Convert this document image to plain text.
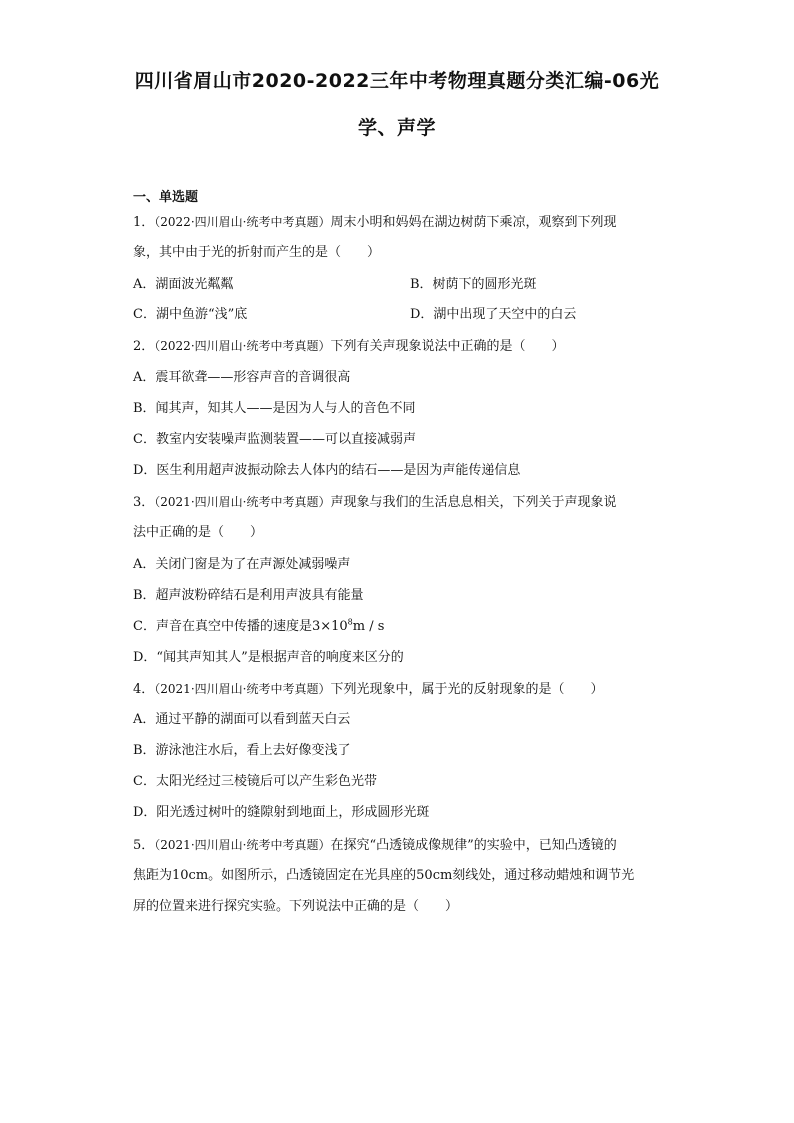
四川省眉山市2020-2022三年中考物理真题分类汇编-06光
学、声学
一、单选题
1．（2022·四川眉山·统考中考真题）周末小明和妈妈在湖边树荫下乘凉，观察到下列现
象，其中由于光的折射而产生的是（　　）
A．湖面波光粼粼	B．树荫下的圆形光斑
C．湖中鱼游“浅”底	D．湖中出现了天空中的白云
2．（2022·四川眉山·统考中考真题）下列有关声现象说法中正确的是（　　）
A．震耳欲聋——形容声音的音调很高
B．闻其声，知其人——是因为人与人的音色不同
C．教室内安装噪声监测装置——可以直接减弱声
D．医生利用超声波振动除去人体内的结石——是因为声能传递信息
3．（2021·四川眉山·统考中考真题）声现象与我们的生活息息相关，下列关于声现象说
法中正确的是（　　）
A．关闭门窗是为了在声源处减弱噪声
B．超声波粉碎结石是利用声波具有能量
C．声音在真空中传播的速度是$3\times 10^8m / s$
D．“闻其声知其人”是根据声音的响度来区分的
4．（2021·四川眉山·统考中考真题）下列光现象中，属于光的反射现象的是（　　）
A．通过平静的湖面可以看到蓝天白云
B．游泳池注水后，看上去好像变浅了
C．太阳光经过三棱镜后可以产生彩色光带
D．阳光透过树叶的缝隙射到地面上，形成圆形光斑
5．（2021·四川眉山·统考中考真题）在探究“凸透镜成像规律”的实验中，已知凸透镜的
焦距为10cm。如图所示，凸透镜固定在光具座的50cm刻线处，通过移动蜡烛和调节光
屏的位置来进行探究实验。下列说法中正确的是（　　）
